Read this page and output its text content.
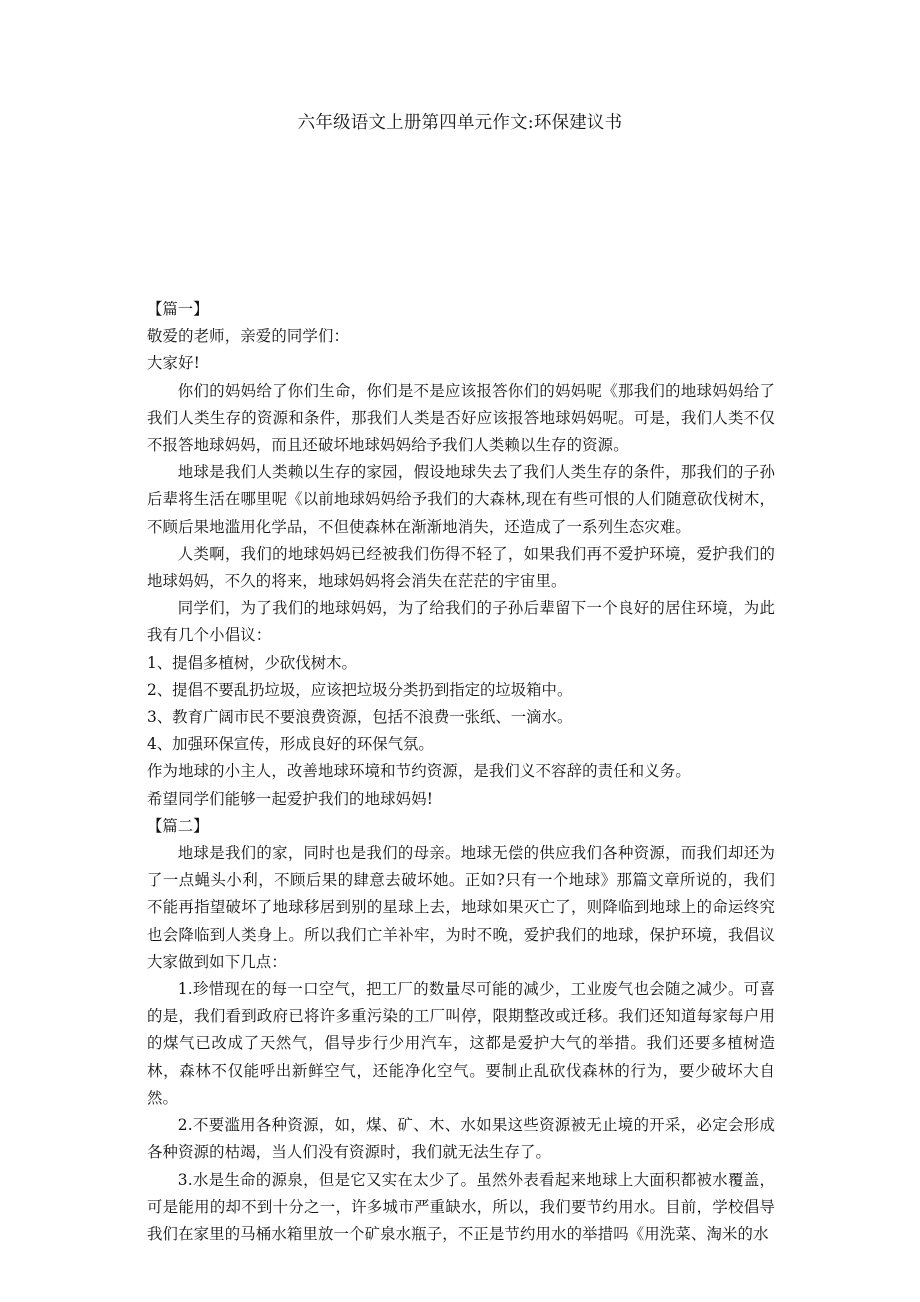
六年级语文上册第四单元作文:环保建议书

【篇一】

敬爱的老师，亲爱的同学们：

大家好!

你们的妈妈给了你们生命，你们是不是应该报答你们的妈妈呢《那我们的地球妈妈给了我们人类生存的资源和条件，那我们人类是否好应该报答地球妈妈呢。可是，我们人类不仅不报答地球妈妈，而且还破坏地球妈妈给予我们人类赖以生存的资源。

地球是我们人类赖以生存的家园，假设地球失去了我们人类生存的条件，那我们的子孙后辈将生活在哪里呢《以前地球妈妈给予我们的大森林,现在有些可恨的人们随意砍伐树木，不顾后果地滥用化学品，不但使森林在渐渐地消失，还造成了一系列生态灾难。

人类啊，我们的地球妈妈已经被我们伤得不轻了，如果我们再不爱护环境，爱护我们的地球妈妈，不久的将来，地球妈妈将会消失在茫茫的宇宙里。

同学们，为了我们的地球妈妈，为了给我们的子孙后辈留下一个良好的居住环境，为此我有几个小倡议：

1、提倡多植树，少砍伐树木。

2、提倡不要乱扔垃圾，应该把垃圾分类扔到指定的垃圾箱中。

3、教育广阔市民不要浪费资源，包括不浪费一张纸、一滴水。

4、加强环保宣传，形成良好的环保气氛。

作为地球的小主人，改善地球环境和节约资源，是我们义不容辞的责任和义务。

希望同学们能够一起爱护我们的地球妈妈!

【篇二】

地球是我们的家，同时也是我们的母亲。地球无偿的供应我们各种资源，而我们却还为了一点蝇头小利，不顾后果的肆意去破坏她。正如?只有一个地球》那篇文章所说的，我们不能再指望破坏了地球移居到别的星球上去，地球如果灭亡了，则降临到地球上的命运终究也会降临到人类身上。所以我们亡羊补牢，为时不晚，爱护我们的地球，保护环境，我倡议大家做到如下几点：

1.珍惜现在的每一口空气，把工厂的数量尽可能的减少，工业废气也会随之减少。可喜的是，我们看到政府已将许多重污染的工厂叫停，限期整改或迁移。我们还知道每家每户用的煤气已改成了天然气，倡导步行少用汽车，这都是爱护大气的举措。我们还要多植树造林，森林不仅能呼出新鲜空气，还能净化空气。要制止乱砍伐森林的行为，要少破坏大自然。

2.不要滥用各种资源，如，煤、矿、木、水如果这些资源被无止境的开采，必定会形成各种资源的枯竭，当人们没有资源时，我们就无法生存了。

3.水是生命的源泉，但是它又实在太少了。虽然外表看起来地球上大面积都被水覆盖，可是能用的却不到十分之一，许多城市严重缺水，所以，我们要节约用水。目前，学校倡导我们在家里的马桶水箱里放一个矿泉水瓶子，不正是节约用水的举措吗《用洗菜、淘米的水
